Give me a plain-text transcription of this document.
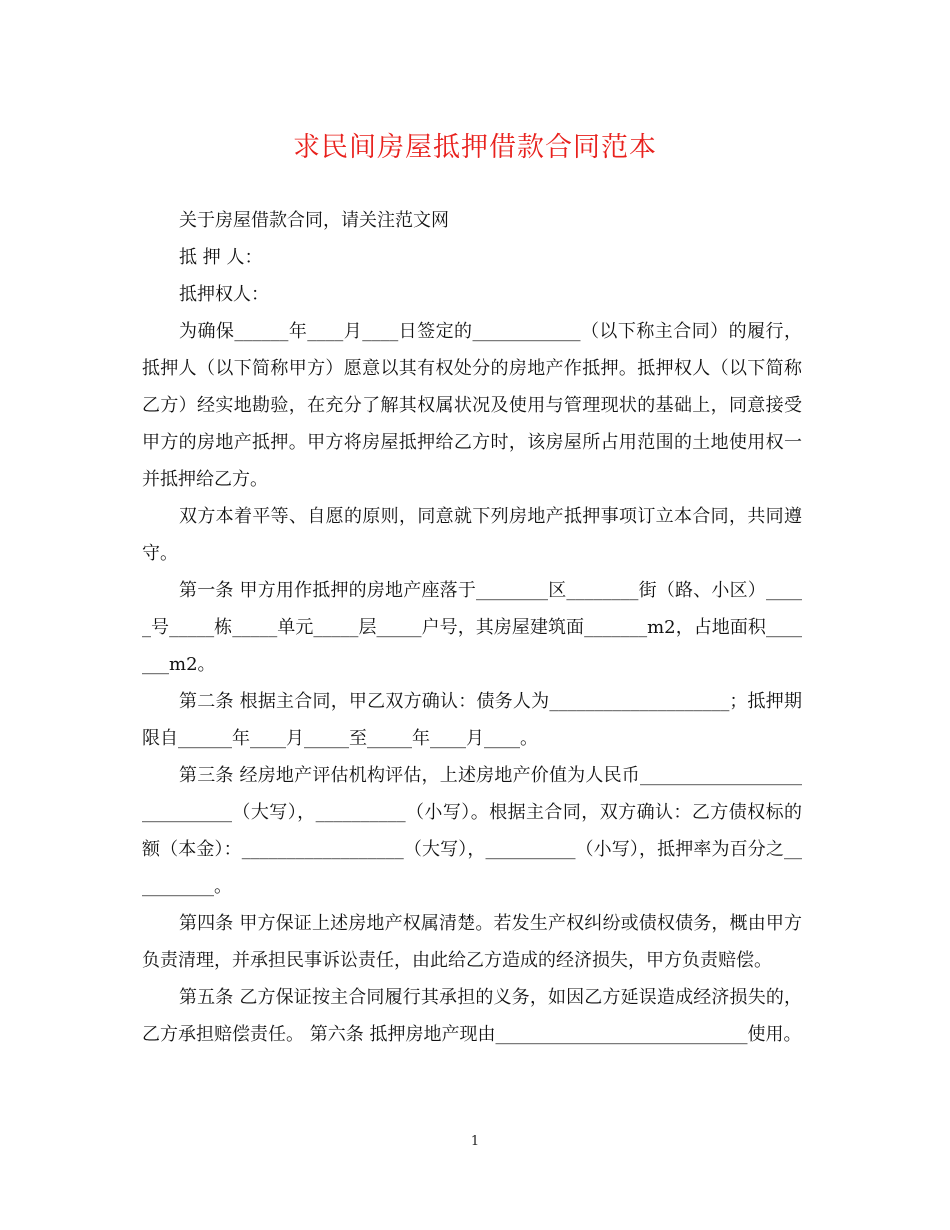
求民间房屋抵押借款合同范本

关于房屋借款合同，请关注范文网

抵 押 人：

抵押权人：

为确保______年____月____日签定的____________（以下称主合同）的履行，抵押人（以下简称甲方）愿意以其有权处分的房地产作抵押。抵押权人（以下简称乙方）经实地勘验，在充分了解其权属状况及使用与管理现状的基础上，同意接受甲方的房地产抵押。甲方将房屋抵押给乙方时，该房屋所占用范围的土地使用权一并抵押给乙方。

双方本着平等、自愿的原则，同意就下列房地产抵押事项订立本合同，共同遵守。

第一条 甲方用作抵押的房地产座落于________区________街（路、小区）_____号_____栋_____单元_____层_____户号，其房屋建筑面_______m2，占地面积_______m2。

第二条 根据主合同，甲乙双方确认：债务人为____________________；抵押期限自______年____月_____至_____年____月____。

第三条 经房地产评估机构评估，上述房地产价值为人民币____________________________（大写），__________（小写）。根据主合同，双方确认：乙方债权标的额（本金）：__________________（大写），__________（小写），抵押率为百分之__________。

第四条 甲方保证上述房地产权属清楚。若发生产权纠纷或债权债务，概由甲方负责清理，并承担民事诉讼责任，由此给乙方造成的经济损失，甲方负责赔偿。

第五条 乙方保证按主合同履行其承担的义务，如因乙方延误造成经济损失的，乙方承担赔偿责任。 第六条 抵押房地产现由____________________________使用。

1
